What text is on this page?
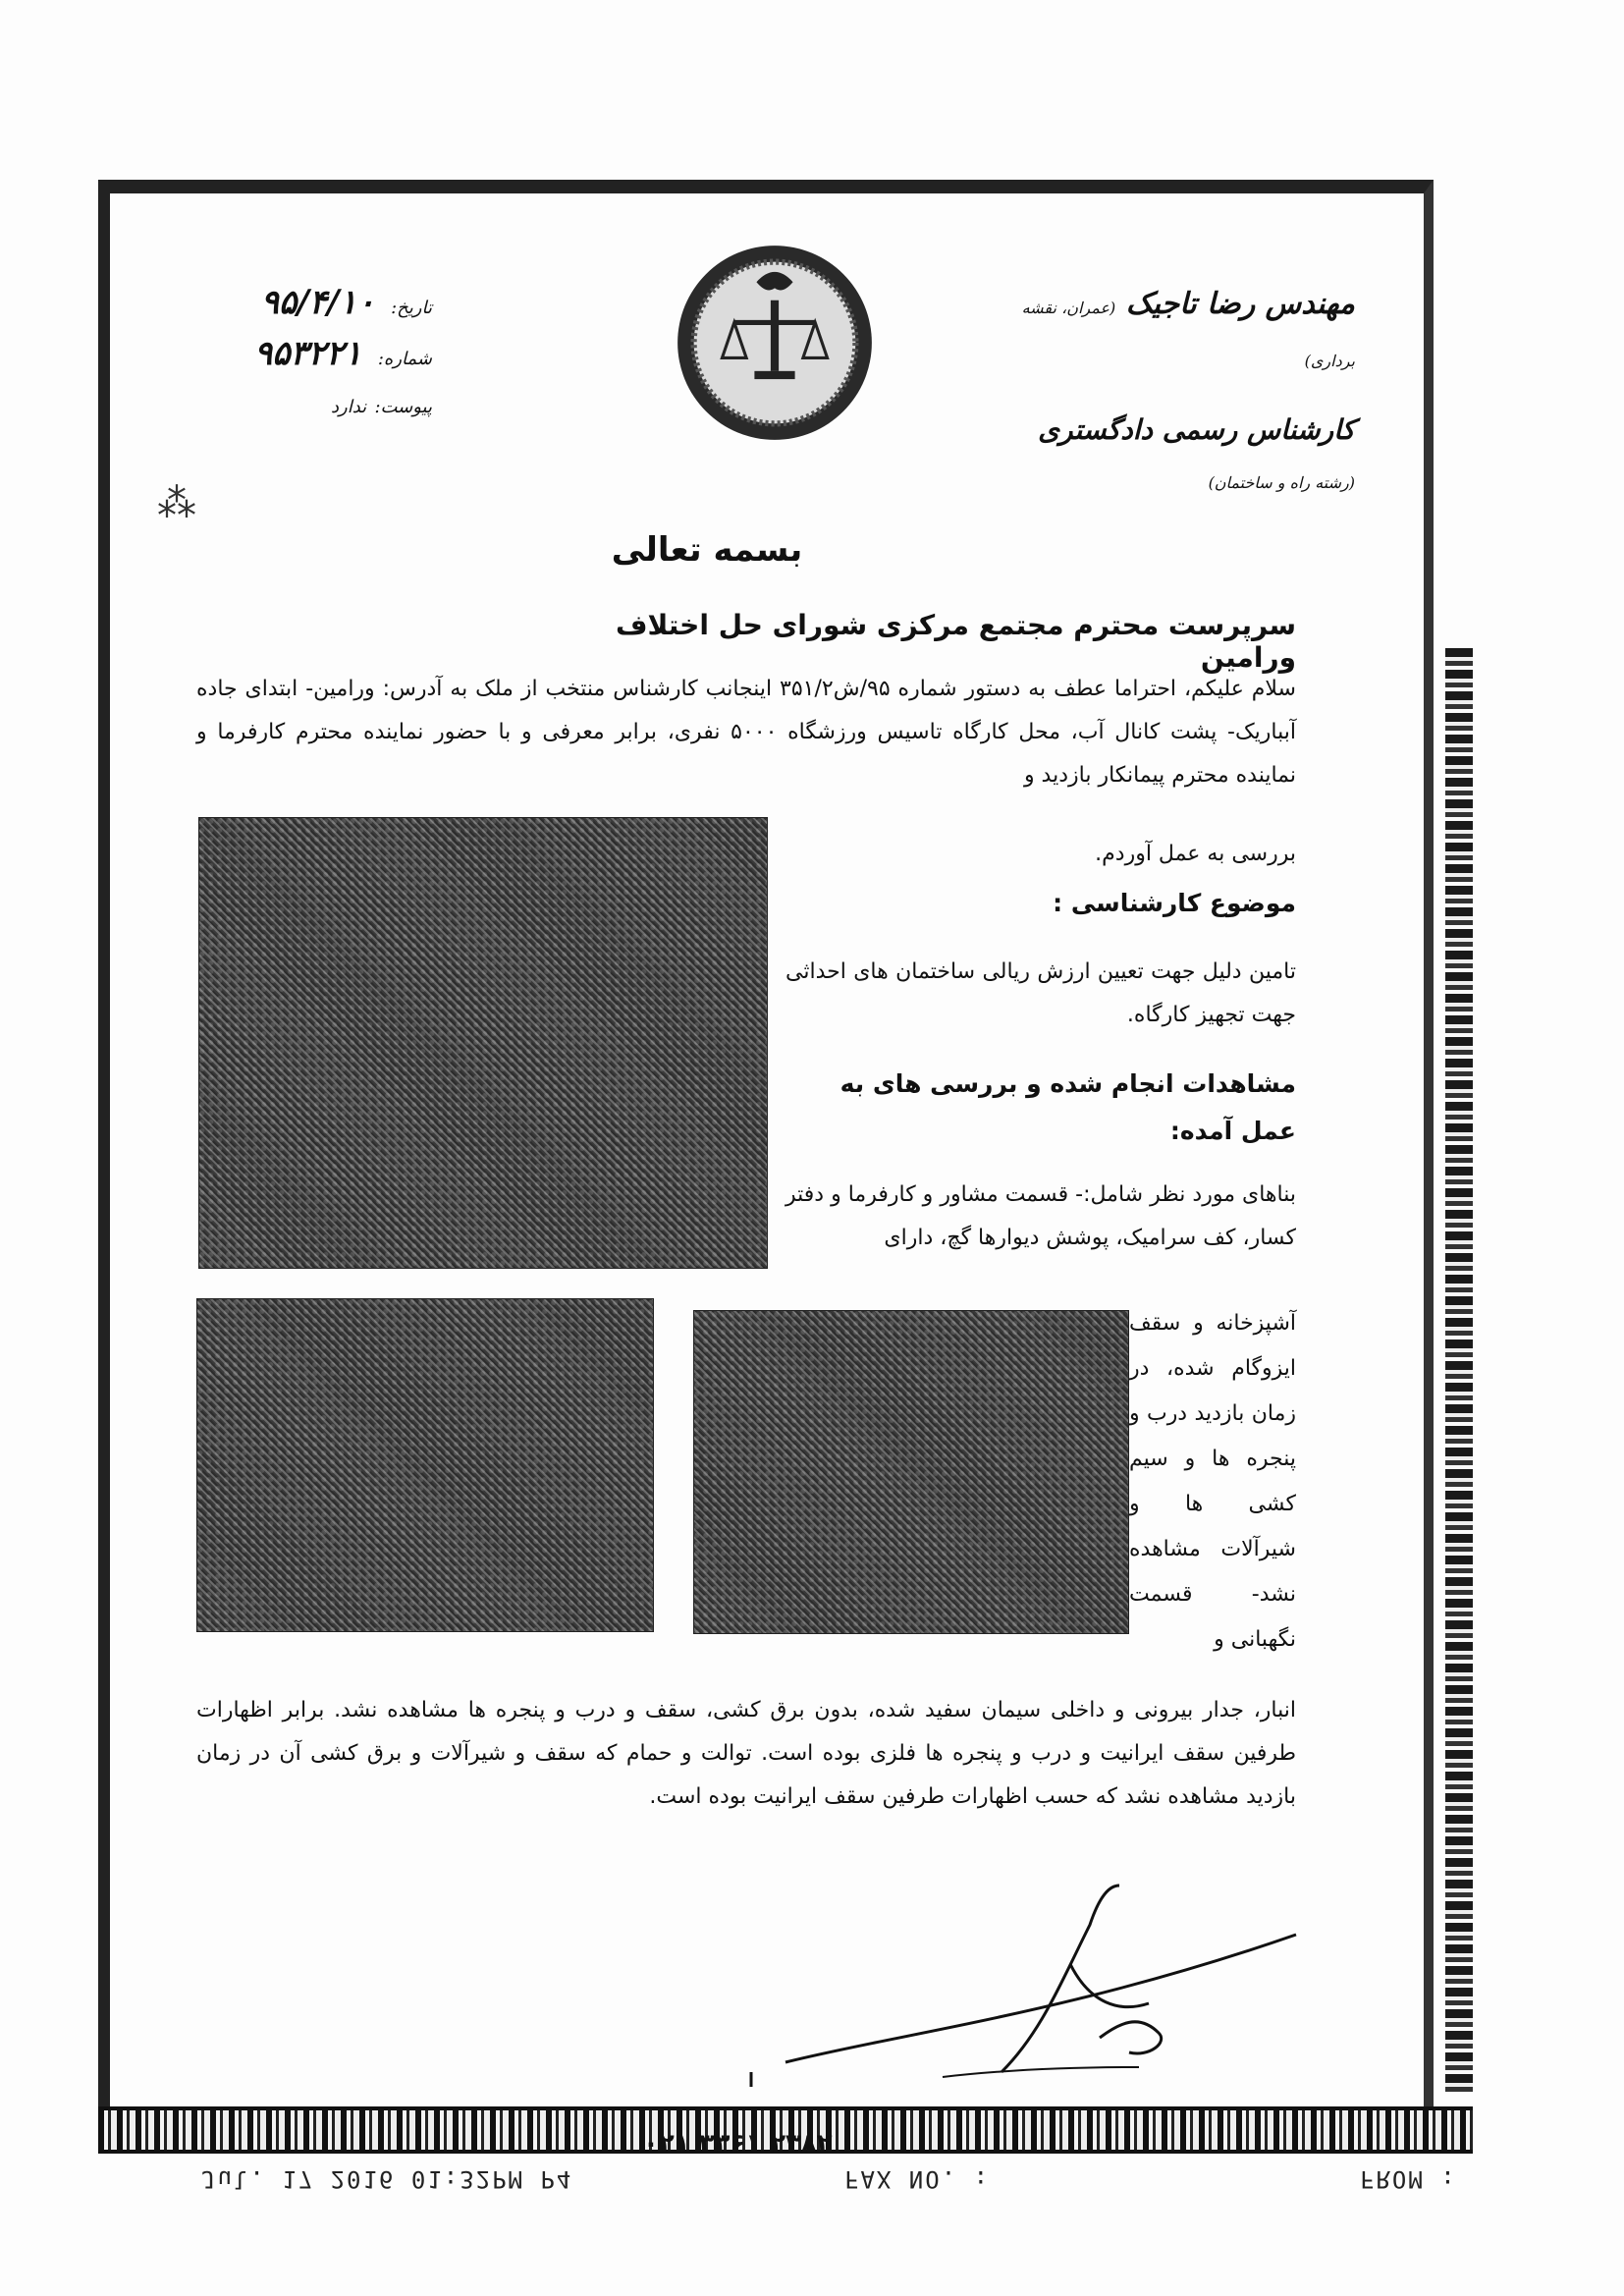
تاریخ: ۹۵/۴/۱۰
شماره: ۹۵۳۲۲۱
پیوست: ندارد
مهندس رضا تاجیک (عمران، نقشه برداری)
کارشناس رسمی دادگستری (رشته راه و ساختمان)
⁂
بسمه تعالی
سرپرست محترم مجتمع مرکزی شورای حل اختلاف ورامین
سلام علیکم، احتراما عطف به دستور شماره ۹۵/ش۳۵۱/۲ اینجانب کارشناس منتخب از ملک به آدرس: ورامین- ابتدای جاده آبباریک- پشت کانال آب، محل کارگاه تاسیس ورزشگاه ۵۰۰۰ نفری، برابر معرفی و با حضور نماینده محترم کارفرما و نماینده محترم پیمانکار بازدید و
بررسی به عمل آوردم.
موضوع کارشناسی :
تامین دلیل جهت تعیین ارزش ریالی ساختمان های احداثی جهت تجهیز کارگاه.
مشاهدات انجام شده و بررسی های به عمل آمده:
بناهای مورد نظر شامل:- قسمت مشاور و کارفرما و دفتر کسار، کف سرامیک، پوشش دیوارها گچ، دارای
آشپزخانه و سقف ایزوگام شده، در زمان بازدید درب و پنجره ها و سیم کشی ها و شیرآلات مشاهده نشد- قسمت نگهبانی و
انبار، جدار بیرونی و داخلی سیمان سفید شده، بدون برق کشی، سقف و درب و پنجره ها مشاهده نشد. برابر اظهارات طرفین سقف ایرانیت و درب و پنجره ها فلزی بوده است. توالت و حمام که سقف و شیرآلات و برق کشی آن در زمان بازدید مشاهده نشد که حسب اظهارات طرفین سقف ایرانیت بوده است.
۰۲۱ ۳۳۶۱ ۲۳۸۲
FAX NO. :
Jul. 17 2016 01:32PM P4	FROM :
